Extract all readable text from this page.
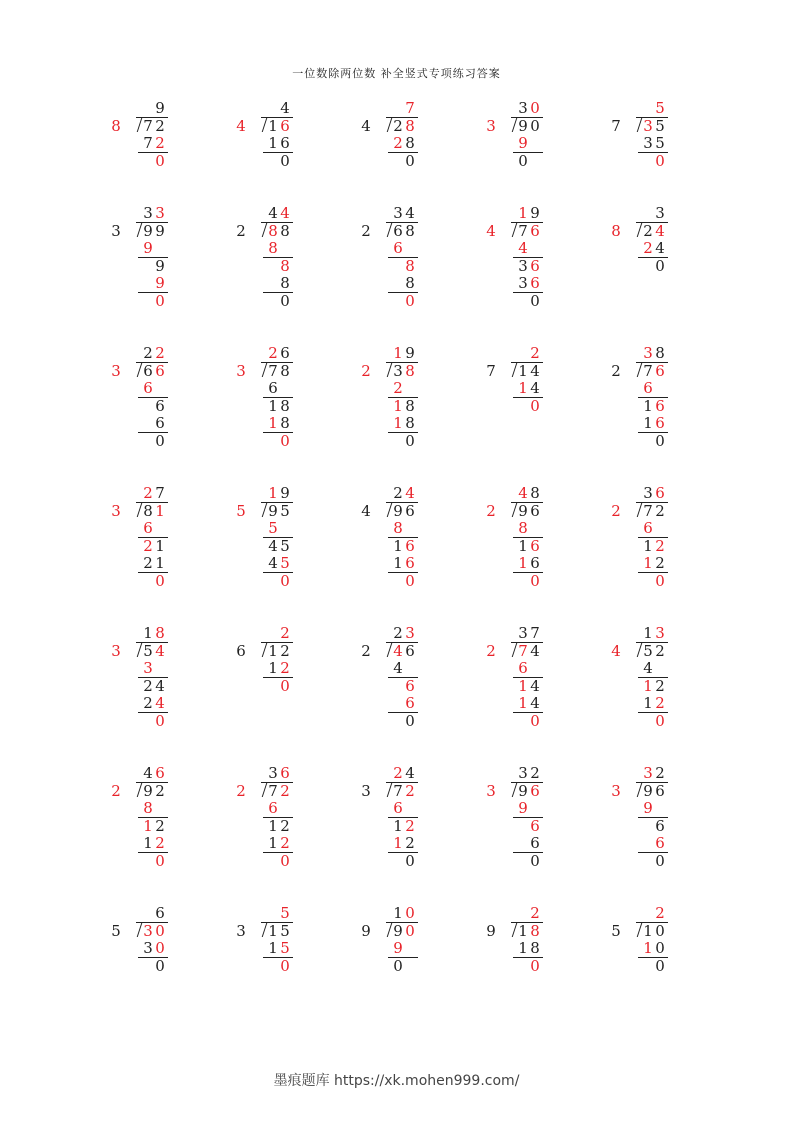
一位数除两位数 补全竖式专项练习答案
9
8 7 2
7 2
0
4
4 1 6
1 6
0
7
4 2 8
2 8
0
3 0
3 9 0
9
0
5
7 3 5
3 5
0
3 3
3 9 9
9
9
9
0
4 4
2 8 8
8
8
8
0
3 4
2 6 8
6
8
8
0
1 9
4 7 6
4
3 6
3 6
0
3
8 2 4
2 4
0
2 2
3 6 6
6
6
6
0
2 6
3 7 8
6
1 8
1 8
0
1 9
2 3 8
2
1 8
1 8
0
2
7 1 4
1 4
0
3 8
2 7 6
6
1 6
1 6
0
2 7
3 8 1
6
2 1
2 1
0
1 9
5 9 5
5
4 5
4 5
0
2 4
4 9 6
8
1 6
1 6
0
4 8
2 9 6
8
1 6
1 6
0
3 6
2 7 2
6
1 2
1 2
0
1 8
3 5 4
3
2 4
2 4
0
2
6 1 2
1 2
0
2 3
2 4 6
4
6
6
0
3 7
2 7 4
6
1 4
1 4
0
1 3
4 5 2
4
1 2
1 2
0
4 6
2 9 2
8
1 2
1 2
0
3 6
2 7 2
6
1 2
1 2
0
2 4
3 7 2
6
1 2
1 2
0
3 2
3 9 6
9
6
6
0
3 2
3 9 6
9
6
6
0
6
5 3 0
3 0
0
5
3 1 5
1 5
0
1 0
9 9 0
9
0
2
9 1 8
1 8
0
2
5 1 0
1 0
0
墨痕题库 https://xk.mohen999.com/
